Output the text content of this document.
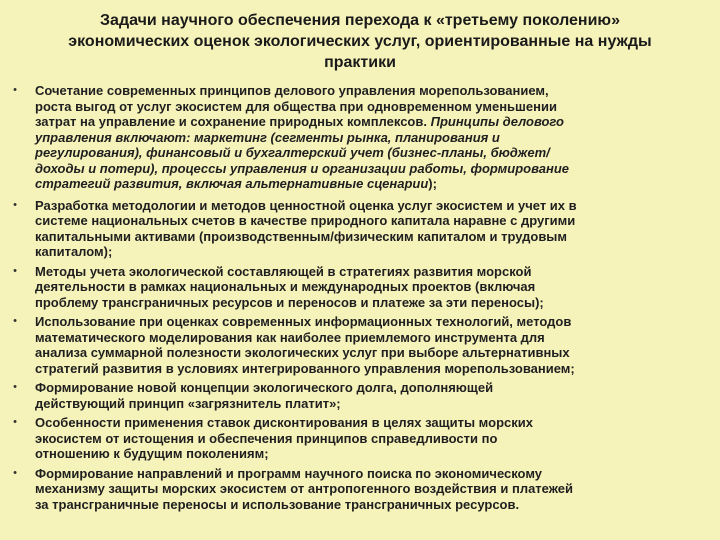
Задачи научного обеспечения перехода к «третьему поколению»
экономических оценок экологических услуг, ориентированные на нужды
практики
•	Сочетание современных принципов делового управления морепользованием,
роста выгод от услуг экосистем для общества при одновременном уменьшении
затрат на управление и сохранение природных комплексов. Принципы делового
управления включают: маркетинг (сегменты рынка, планирования и
регулирования), финансовый и бухгалтерский учет (бизнес-планы, бюджет/
доходы и потери), процессы управления и организации работы, формирование
стратегий развития, включая альтернативные сценарии);
•	Разработка методологии и методов ценностной оценка услуг экосистем и учет их в
системе национальных счетов в качестве природного капитала наравне с другими
капитальными активами (производственным/физическим капиталом и трудовым
капиталом);
•	Методы учета экологической составляющей в стратегиях развития морской
деятельности в рамках национальных и международных проектов (включая
проблему трансграничных ресурсов и переносов и платеже за эти переносы);
•	Использование при оценках современных информационных технологий, методов
математического моделирования как наиболее приемлемого инструмента для
анализа суммарной полезности экологических услуг при выборе альтернативных
стратегий развития в условиях интегрированного управления морепользованием;
•	Формирование новой концепции экологического долга, дополняющей
действующий принцип «загрязнитель платит»;
•	Особенности применения ставок дисконтирования в целях защиты морских
экосистем от истощения и обеспечения принципов справедливости по
отношению к будущим поколениям;
•	Формирование направлений и программ научного поиска по экономическому
механизму защиты морских экосистем от антропогенного воздействия и платежей
за трансграничные переносы и использование трансграничных ресурсов.
